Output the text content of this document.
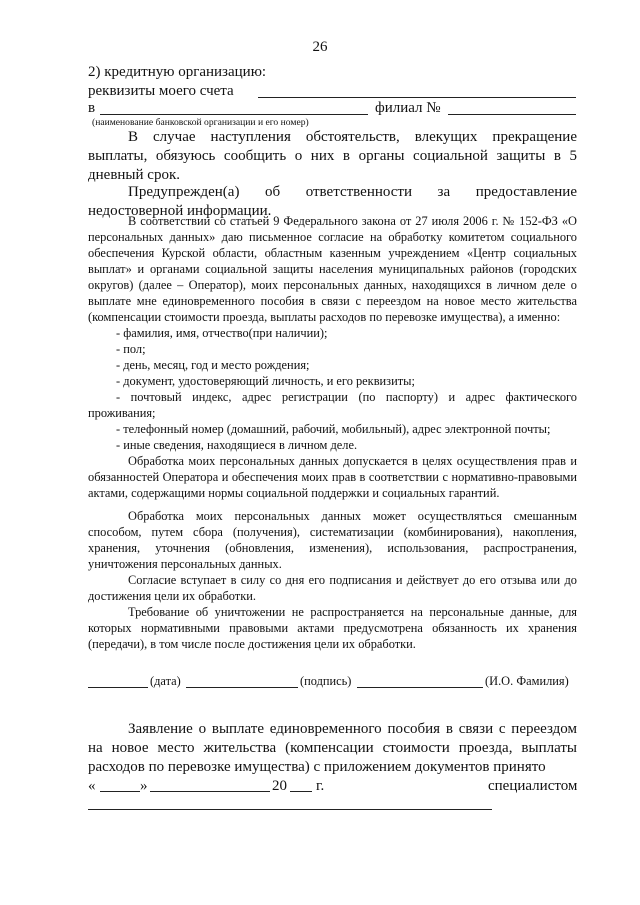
26
2) кредитную организацию:
реквизиты моего счета
в	филиал №
(наименование банковской организации и его номер)
В случае наступления обстоятельств, влекущих прекращение выплаты, обязуюсь сообщить о них в органы социальной защиты в 5 дневный срок.
Предупрежден(а) об ответственности за предоставление недостоверной информации.
В соответствии со статьей 9 Федерального закона от 27 июля 2006 г. № 152-ФЗ «О персональных данных» даю письменное согласие на обработку комитетом социального обеспечения Курской области, областным казенным учреждением «Центр социальных выплат» и органами социальной защиты населения муниципальных районов (городских округов) (далее – Оператор), моих персональных данных, находящихся в личном деле о выплате мне единовременного пособия в связи с переездом на новое место жительства (компенсации стоимости проезда, выплаты расходов по перевозке имущества), а именно:
- фамилия, имя, отчество(при наличии);
- пол;
- день, месяц, год и место рождения;
- документ, удостоверяющий личность, и его реквизиты;
- почтовый индекс, адрес регистрации (по паспорту) и адрес фактического проживания;
- телефонный номер (домашний, рабочий, мобильный), адрес электронной почты;
- иные сведения, находящиеся в личном деле.
Обработка моих персональных данных допускается в целях осуществления прав и обязанностей Оператора и обеспечения моих прав в соответствии с нормативно-правовыми актами, содержащими нормы социальной поддержки и социальных гарантий.
Обработка моих персональных данных может осуществляться смешанным способом, путем сбора (получения), систематизации (комбинирования), накопления, хранения, уточнения (обновления, изменения), использования, распространения, уничтожения персональных данных.
Согласие вступает в силу со дня его подписания и действует до его отзыва или до достижения цели их обработки.
Требование об уничтожении не распространяется на персональные данные, для которых нормативными правовыми актами предусмотрена обязанность их хранения (передачи), в том числе после достижения цели их обработки.
(дата)	(подпись)	(И.О. Фамилия)
Заявление о выплате единовременного пособия в связи с переездом на новое место жительства (компенсации стоимости проезда, выплаты расходов по перевозке имущества) с приложением документов принято
«	»	20 г.	специалистом
